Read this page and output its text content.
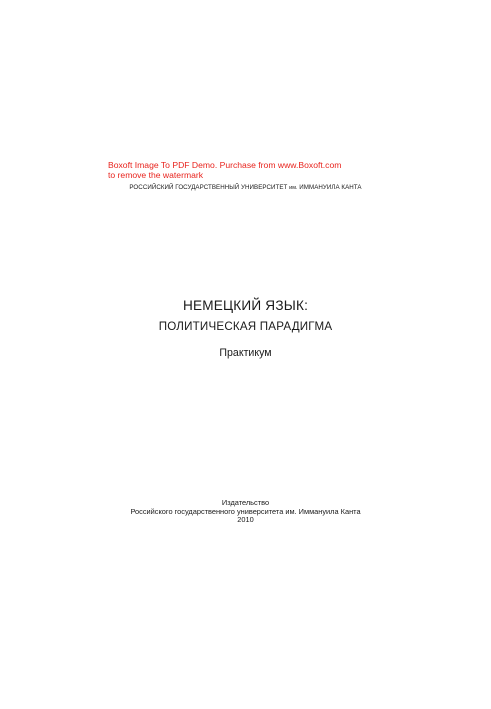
Boxoft Image To PDF Demo. Purchase from www.Boxoft.com to remove the watermark
РОССИЙСКИЙ ГОСУДАРСТВЕННЫЙ УНИВЕРСИТЕТ им. ИММАНУИЛА КАНТА
НЕМЕЦКИЙ ЯЗЫК:
ПОЛИТИЧЕСКАЯ ПАРАДИГМА
Практикум
Издательство
Российского государственного университета им. Иммануила Канта
2010
